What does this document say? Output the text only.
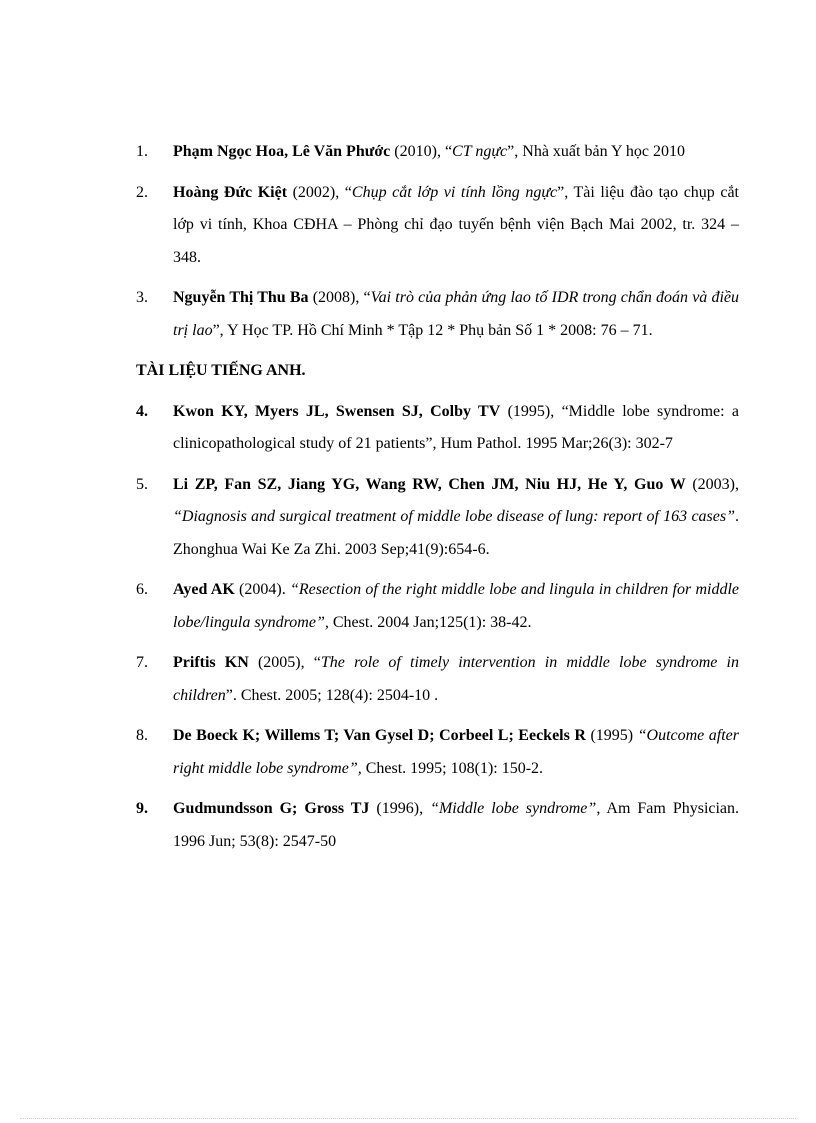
1. Phạm Ngọc Hoa, Lê Văn Phước (2010), “CT ngực”, Nhà xuất bản Y học 2010
2. Hoàng Đức Kiệt (2002), “Chụp cắt lớp vi tính lồng ngực”, Tài liệu đào tạo chụp cắt lớp vi tính, Khoa CĐHA – Phòng chỉ đạo tuyến bệnh viện Bạch Mai 2002, tr. 324 – 348.
3. Nguyễn Thị Thu Ba (2008), “Vai trò của phản ứng lao tố IDR trong chẩn đoán và điều trị lao”, Y Học TP. Hồ Chí Minh * Tập 12 * Phụ bản Số 1 * 2008: 76 – 71.
TÀI LIỆU TIẾNG ANH.
4. Kwon KY, Myers JL, Swensen SJ, Colby TV (1995), “Middle lobe syndrome: a clinicopathological study of 21 patients”, Hum Pathol. 1995 Mar;26(3): 302-7
5. Li ZP, Fan SZ, Jiang YG, Wang RW, Chen JM, Niu HJ, He Y, Guo W (2003), “Diagnosis and surgical treatment of middle lobe disease of lung: report of 163 cases”. Zhonghua Wai Ke Za Zhi. 2003 Sep;41(9):654-6.
6. Ayed AK (2004). “Resection of the right middle lobe and lingula in children for middle lobe/lingula syndrome”, Chest. 2004 Jan;125(1): 38-42.
7. Priftis KN (2005), “The role of timely intervention in middle lobe syndrome in children”. Chest. 2005; 128(4): 2504-10 .
8. De Boeck K; Willems T; Van Gysel D; Corbeel L; Eeckels R (1995) “Outcome after right middle lobe syndrome”, Chest. 1995; 108(1): 150-2.
9. Gudmundsson G; Gross TJ (1996), “Middle lobe syndrome”, Am Fam Physician. 1996 Jun; 53(8): 2547-50
